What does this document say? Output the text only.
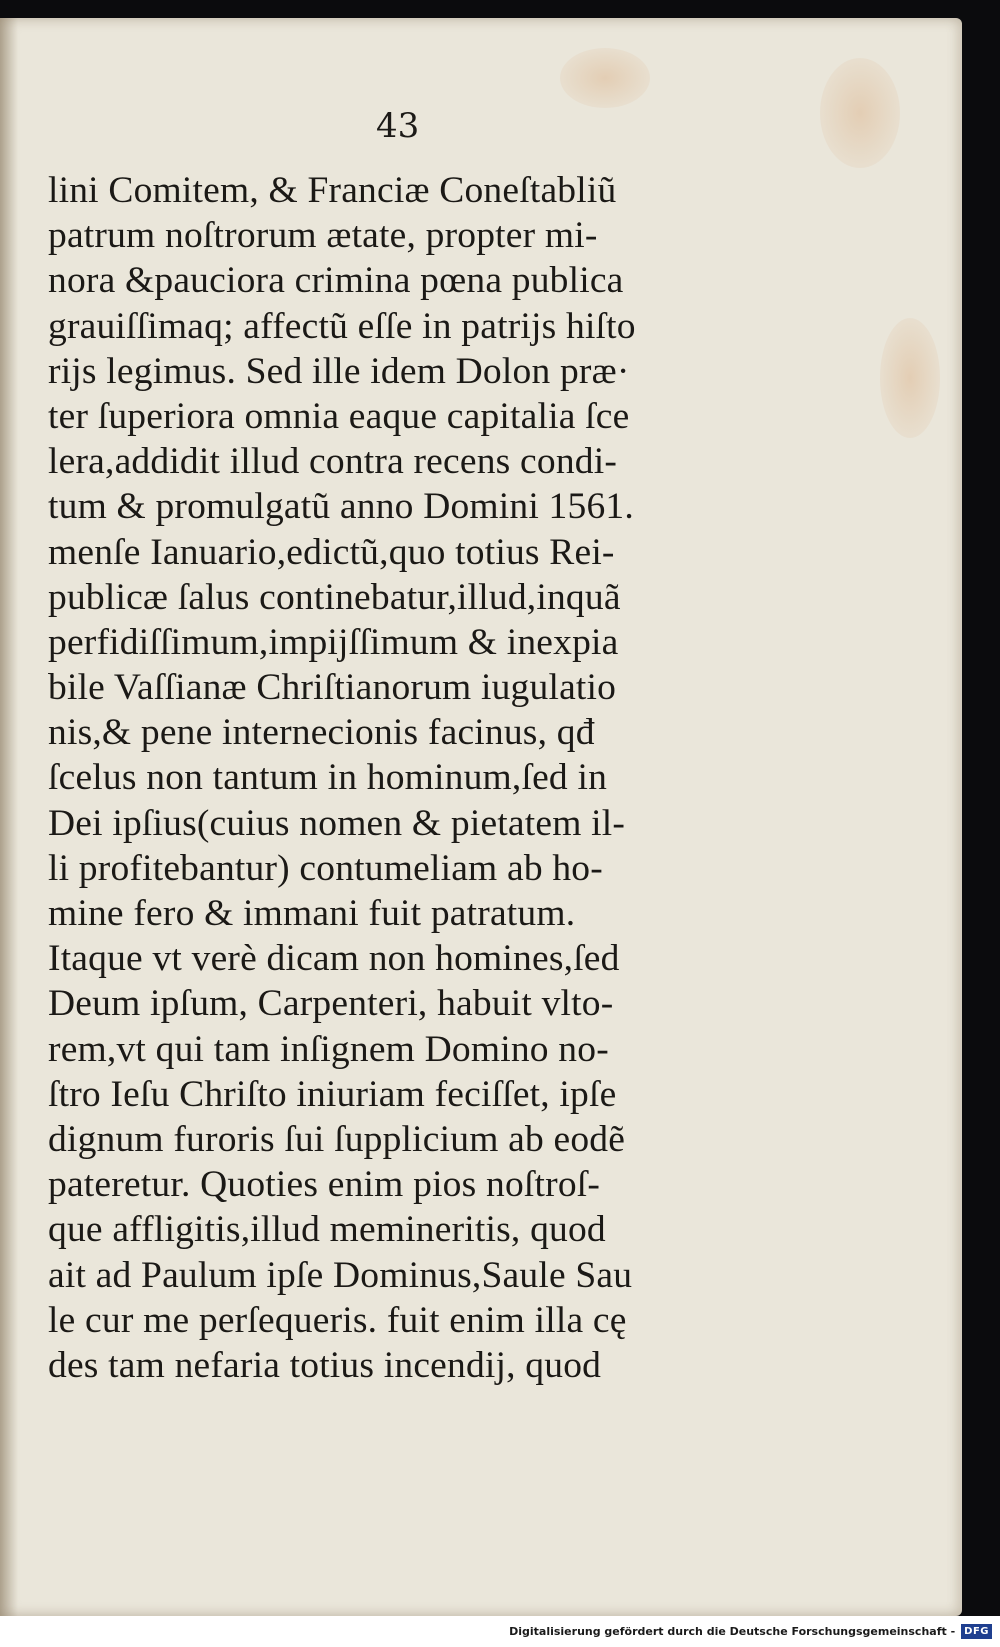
43
lini Comitem, & Franciæ Coneſtabliũ
patrum noſtrorum ætate, propter mi-
nora &pauciora crimina pœna publica
grauiſſimaq; affectũ eſſe in patrijs hiſto
rijs legimus. Sed ille idem Dolon præ·
ter ſuperiora omnia eaque capitalia ſce
lera,addidit illud contra recens condi-
tum & promulgatũ anno Domini 1561.
menſe Ianuario,edictũ,quo totius Rei-
publicæ ſalus continebatur,illud,inquã
perfidiſſimum,impijſſimum & inexpia
bile Vaſſianæ Chriſtianorum iugulatio
nis,& pene internecionis facinus, qđ
ſcelus non tantum in hominum,ſed in
Dei ipſius(cuius nomen & pietatem il-
li profitebantur) contumeliam ab ho-
mine fero & immani fuit patratum.
Itaque vt verè dicam non homines,ſed
Deum ipſum, Carpenteri, habuit vlto-
rem,vt qui tam inſignem Domino no-
ſtro Ieſu Chriſto iniuriam feciſſet, ipſe
dignum furoris ſui ſupplicium ab eodẽ
pateretur. Quoties enim pios noſtroſ-
que affligitis,illud memineritis, quod
ait ad Paulum ipſe Dominus,Saule Sau
le cur me perſequeris. fuit enim illa cę
des tam nefaria totius incendij, quod
Digitalisierung gefördert durch die Deutsche Forschungsgemeinschaft - DFG
